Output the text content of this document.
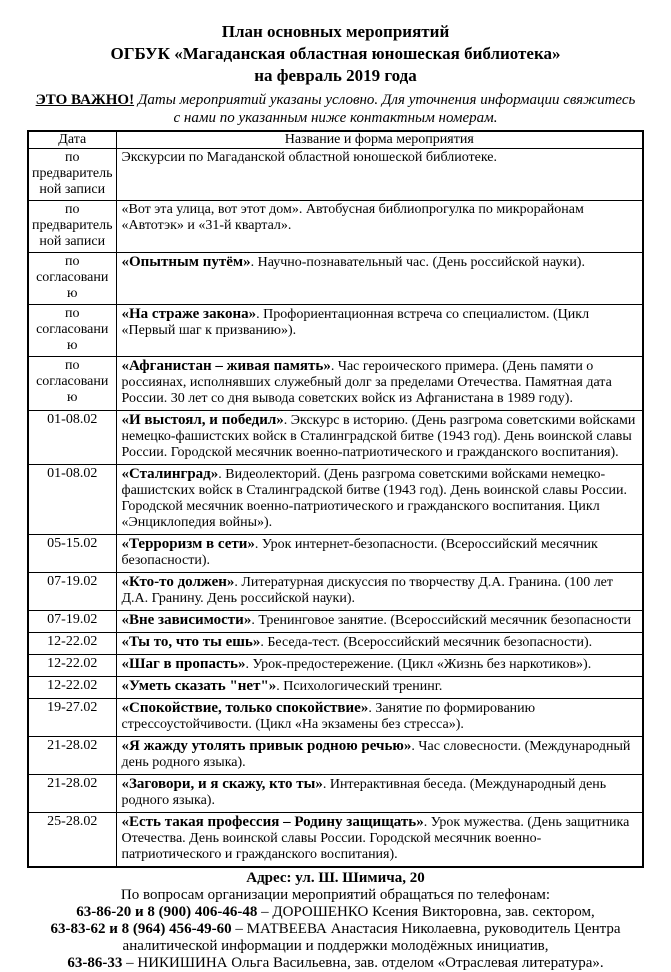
План основных мероприятий
ОГБУК «Магаданская областная юношеская библиотека»
на февраль 2019 года
ЭТО ВАЖНО! Даты мероприятий указаны условно. Для уточнения информации свяжитесь с нами по указанным ниже контактным номерам.
Дата	Название и форма мероприятия
по предварительной записи	Экскурсии по Магаданской областной юношеской библиотеке.
по предварительной записи	«Вот эта улица, вот этот дом». Автобусная библиопрогулка по микрорайонам «Автотэк» и «31-й квартал».
по согласованию	«Опытным путём». Научно-познавательный час. (День российской науки).
по согласованию	«На страже закона». Профориентационная встреча со специалистом. (Цикл «Первый шаг к призванию»).
по согласованию	«Афганистан – живая память». Час героического примера. (День памяти о россиянах, исполнявших служебный долг за пределами Отечества. Памятная дата России. 30 лет со дня вывода советских войск из Афганистана в 1989 году).
01-08.02	«И выстоял, и победил». Экскурс в историю. (День разгрома советскими войсками немецко-фашистских войск в Сталинградской битве (1943 год). День воинской славы России. Городской месячник военно-патриотического и гражданского воспитания).
01-08.02	«Сталинград». Видеолекторий. (День разгрома советскими войсками немецко-фашистских войск в Сталинградской битве (1943 год). День воинской славы России. Городской месячник военно-патриотического и гражданского воспитания. Цикл «Энциклопедия войны»).
05-15.02	«Терроризм в сети». Урок интернет-безопасности. (Всероссийский месячник безопасности).
07-19.02	«Кто-то должен». Литературная дискуссия по творчеству Д.А. Гранина. (100 лет Д.А. Гранину. День российской науки).
07-19.02	«Вне зависимости». Тренинговое занятие. (Всероссийский месячник безопасности
12-22.02	«Ты то, что ты ешь». Беседа-тест. (Всероссийский месячник безопасности).
12-22.02	«Шаг в пропасть». Урок-предостережение. (Цикл «Жизнь без наркотиков»).
12-22.02	«Уметь сказать "нет"». Психологический тренинг.
19-27.02	«Спокойствие, только спокойствие». Занятие по формированию стрессоустойчивости. (Цикл «На экзамены без стресса»).
21-28.02	«Я жажду утолять привык родною речью». Час словесности. (Международный день родного языка).
21-28.02	«Заговори, и я скажу, кто ты». Интерактивная беседа. (Международный день родного языка).
25-28.02	«Есть такая профессия – Родину защищать». Урок мужества. (День защитника Отечества. День воинской славы России. Городской месячник военно-патриотического и гражданского воспитания).
Адрес: ул. Ш. Шимича, 20
По вопросам организации мероприятий обращаться по телефонам:
63-86-20 и 8 (900) 406-46-48 – ДОРОШЕНКО Ксения Викторовна, зав. сектором,
63-83-62 и 8 (964) 456-49-60 – МАТВЕЕВА Анастасия Николаевна, руководитель Центра аналитической информации и поддержки молодёжных инициатив,
63-86-33 – НИКИШИНА Ольга Васильевна, зав. отделом «Отраслевая литература».
